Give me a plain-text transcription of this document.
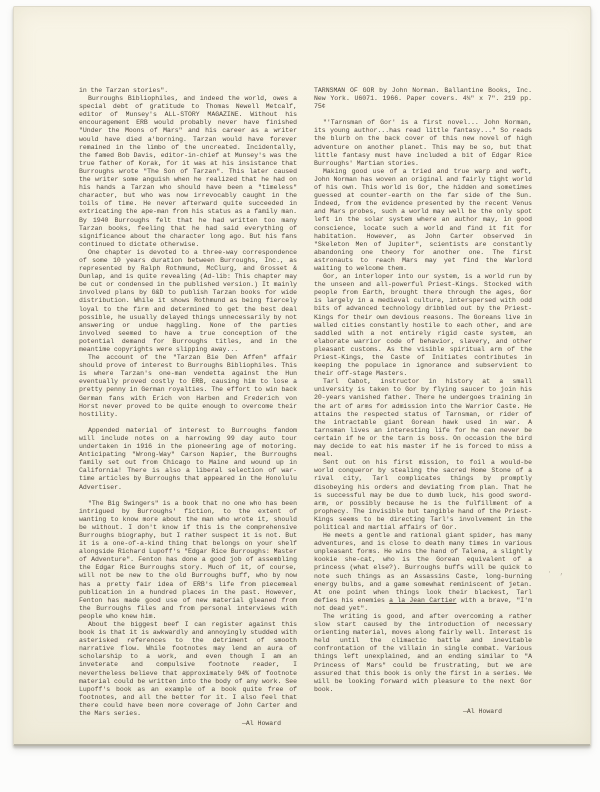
in the Tarzan stories".

Burroughs Bibliophiles, and indeed the world, owes a special debt of gratitude to Thomas Newell Metcalf, editor of Munsey's ALL-STORY MAGAZINE. Without his encouragement ERB would probably never have finished "Under the Moons of Mars" and his career as a writer would have died a'borning. Tarzan would have forever remained in the limbo of the uncreated. Incidentally, the famed Bob Davis, editor-in-chief at Munsey's was the true father of Korak, for it was at his insistance that Burroughs wrote "The Son of Tarzan". This later caused the writer some anguish when he realized that he had on his hands a Tarzan who should have been a "timeless" character, but who was now irrevocably caught in the toils of time. He never afterward quite succeeded in extricating the ape-man from his status as a family man. By 1940 Burroughs felt that he had written too many Tarzan books, feeling that he had said everything of significance about the character long ago. But his fans continued to dictate otherwise.

One chapter is devoted to a three-way correspondence of some 10 years duration between Burroughs, Inc., as represented by Ralph Rothmund, McClurg, and Grosset & Dunlap, and is quite revealing (Ad-lib: This chapter may be cut or condensed in the published version.) It mainly involved plans by G&D to publish Tarzan books for wide distribution. While it shows Rothmund as being fiercely loyal to the firm and determined to get the best deal possible, he usually delayed things unnecessarily by not answering or undue haggling. None of the parties involved seemed to have a true conception of the potential demand for Burroughs titles, and in the meantime copyrights were slipping away...

The account of the "Tarzan Bie Den Affen" affair should prove of interest to Burroughs Bibliophiles. This is where Tarzan's one-man vendetta against the Hun eventually proved costly to ERB, causing him to lose a pretty penny in German royalties. The effort to win back German fans with Erich von Harben and Frederich von Horst never proved to be quite enough to overcome their hostility.

Appended material of interest to Burroughs fandom will include notes on a harrowing 99 day auto tour undertaken in 1916 in the pioneering age of motoring. Anticipating "Wrong-Way" Carson Napier, the Burroughs family set out from Chicago to Maine and wound up in California! There is also a liberal selection of war-time articles by Burroughs that appeared in the Honolulu Advertiser.

"The Big Swingers" is a book that no one who has been intrigued by Burroughs' fiction, to the extent of wanting to know more about the man who wrote it, should be without. I don't know if this is the comprehensive Burroughs biography, but I rather suspect it is not. But it is a one-of-a-kind thing that belongs on your shelf alongside Richard Lupoff's "Edgar Rice Burroughs: Master of Adventure". Fenton has done a good job of assembling the Edgar Rice Burroughs story. Much of it, of course, will not be new to the old Burroughs buff, who by now has a pretty fair idea of ERB's life from piecemeal publication in a hundred places in the past. However, Fenton has made good use of new material gleaned from the Burroughs files and from personal interviews with people who knew him.

About the biggest beef I can register against this book is that it is awkwardly and annoyingly studded with asterisked references to the detriment of smooth narrative flow. While footnotes may lend an aura of scholarship to a work, and even though I am an inveterate and compulsive footnote reader, I nevertheless believe that approximately 94% of footnote material could be written into the body of any work. See Lupoff's book as an example of a book quite free of footnotes, and all the better for it. I also feel that there could have been more coverage of John Carter and the Mars series.

—Al Howard

TARNSMAN OF GOR by John Norman. Ballantine Books, Inc. New York. U6071. 1966. Paper covers. 4¼" x 7". 219 pp. 75¢

"'Tarnsman of Gor' is a first novel... John Norman, its young author...has read little fantasy..." So reads the blurb on the back cover of this new novel of high adventure on another planet. This may be so, but that little fantasy must have included a bit of Edgar Rice Burroughs' Martian stories.

Making good use of a tried and true warp and weft, John Norman has woven an original and fairly tight world of his own. This world is Gor, the hidden and sometimes guessed at counter-earth on the far side of the Sun. Indeed, from the evidence presented by the recent Venus and Mars probes, such a world may well be the only spot left in the solar system where an author may, in good conscience, locate such a world and find it fit for habitation. However, as John Carter observed in "Skeleton Men of Jupiter", scientists are constantly abandoning one theory for another one. The first astronauts to reach Mars may yet find the Warlord waiting to welcome them.

Gor, an interloper into our system, is a world run by the unseen and all-powerful Priest-Kings. Stocked with people from Earth, brought there through the ages, Gor is largely in a medieval culture, interspersed with odd bits of advanced technology dribbled out by the Priest-Kings for their own devious reasons. The Goreans live in walled cities constantly hostile to each other, and are saddled with a not entirely rigid caste system, an elaborate warrior code of behavior, slavery, and other pleasant customs. As the visible spiritual arm of the Priest-Kings, the Caste of Initiates contributes in keeping the populace in ignorance and subservient to their off-stage Masters.

Tarl Cabot, instructor in history at a small university is taken to Gor by flying saucer to join his 20-years vanished father. There he undergoes training in the art of arms for admission into the Warrior Caste. He attains the respected status of Tarnsman, or rider of the intractable giant Gorean hawk used in war. A tarnsman lives an interesting life for he can never be certain if he or the tarn is boss. On occasion the bird may decide to eat his master if he is forced to miss a meal.

Sent out on his first mission, to foil a would-be world conqueror by stealing the sacred Home Stone of a rival city, Tarl complicates things by promptly disobeying his orders and deviating from plan. That he is successful may be due to dumb luck, his good sword-arm, or possibly because he is the fulfillment of a prophecy. The invisible but tangible hand of the Priest-Kings seems to be directing Tarl's involvement in the political and martial affairs of Gor.

He meets a gentle and rational giant spider, has many adventures, and is close to death many times in various unpleasant forms. He wins the hand of Talena, a slightly kookie she-cat, who is the Gorean equivalent of a princess (what else?). Burroughs buffs will be quick to note such things as an Assassins Caste, long-burning energy bulbs, and a game somewhat reminiscent of jetan. At one point when things look their blackest, Tarl defies his enemies a la Jean Cartier with a brave, "I'm not dead yet".

The writing is good, and after overcoming a rather slow start caused by the introduction of necessary orienting material, moves along fairly well. Interest is held until the climactic battle and inevitable confrontation of the villain in single combat. Various things left unexplained, and an ending similar to "A Princess of Mars" could be frustrating, but we are assured that this book is only the first in a series. We will be looking forward with pleasure to the next Gor book.

—Al Howard

· ,
